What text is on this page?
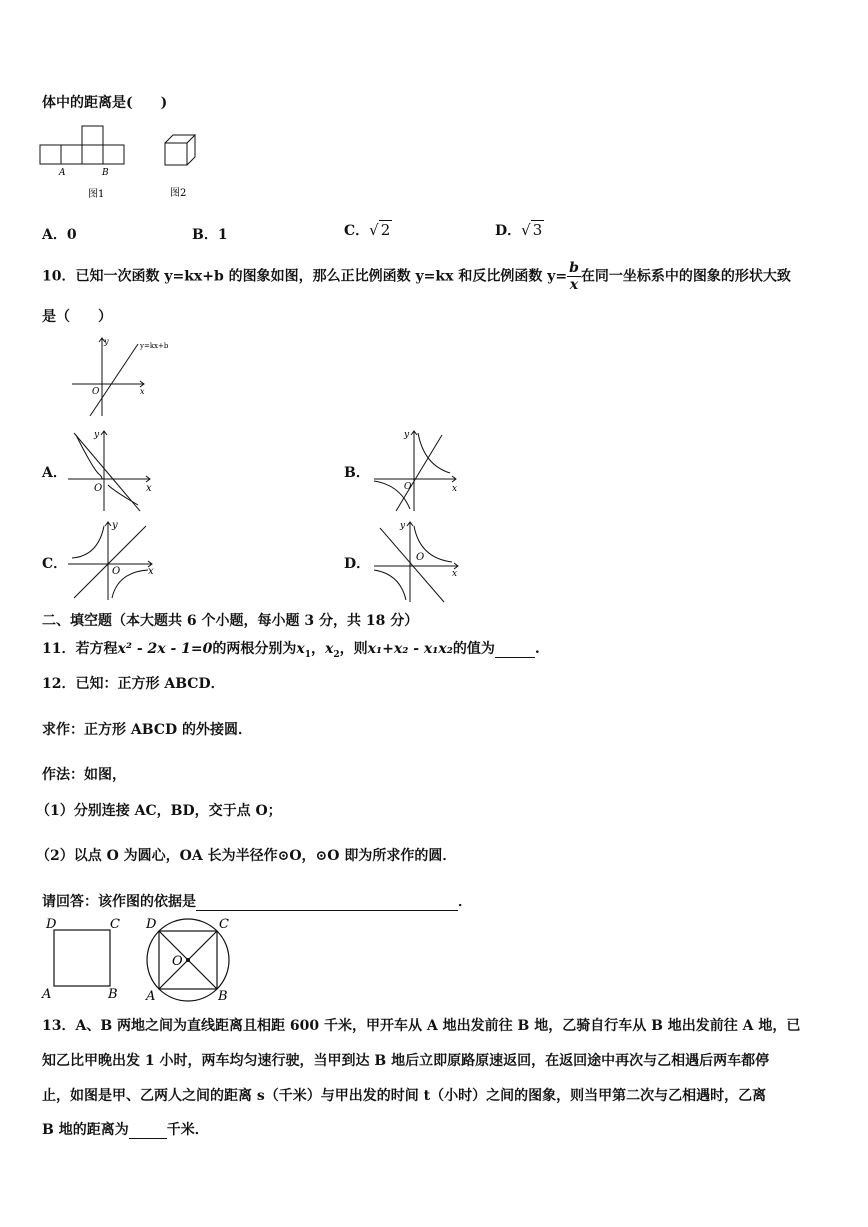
体中的距离是(　　)
A	B
图1	图2
A．0	B．1	C．√ 2	D．√ 3
10．已知一次函数 y=kx+b 的图象如图，那么正比例函数 y=kx 和反比例函数 $y= \frac{b}{x}$ 在同一坐标系中的图象的形状大致
是（　　）
y
x
O
y=kx+b
A．
y
x
O
B．
y
x
O
C．
y
x
O	D．
y
x
O
二、填空题（本大题共 6 个小题，每小题 3 分，共 18 分）
11．若方程x² - 2x - 1=0的两根分别为$x_1$，$x_2$，则x₁+x₂ - x₁x₂的值为	.
12．已知：正方形 ABCD．
求作：正方形 ABCD 的外接圆．
作法：如图，
（1）分别连接 AC，BD，交于点 O；
（2）以点 O 为圆心，OA 长为半径作⊙O，⊙O 即为所求作的圆．
请回答：该作图的依据是	．
D	C
A	B
D	C
A	B
O
13．A、B 两地之间为直线距离且相距 600 千米，甲开车从 A 地出发前往 B 地，乙骑自行车从 B 地出发前往 A 地，已
知乙比甲晚出发 1 小时，两车均匀速行驶，当甲到达 B 地后立即原路原速返回，在返回途中再次与乙相遇后两车都停
止，如图是甲、乙两人之间的距离 s（千米）与甲出发的时间 t（小时）之间的图象，则当甲第二次与乙相遇时，乙离
B 地的距离为	千米．
